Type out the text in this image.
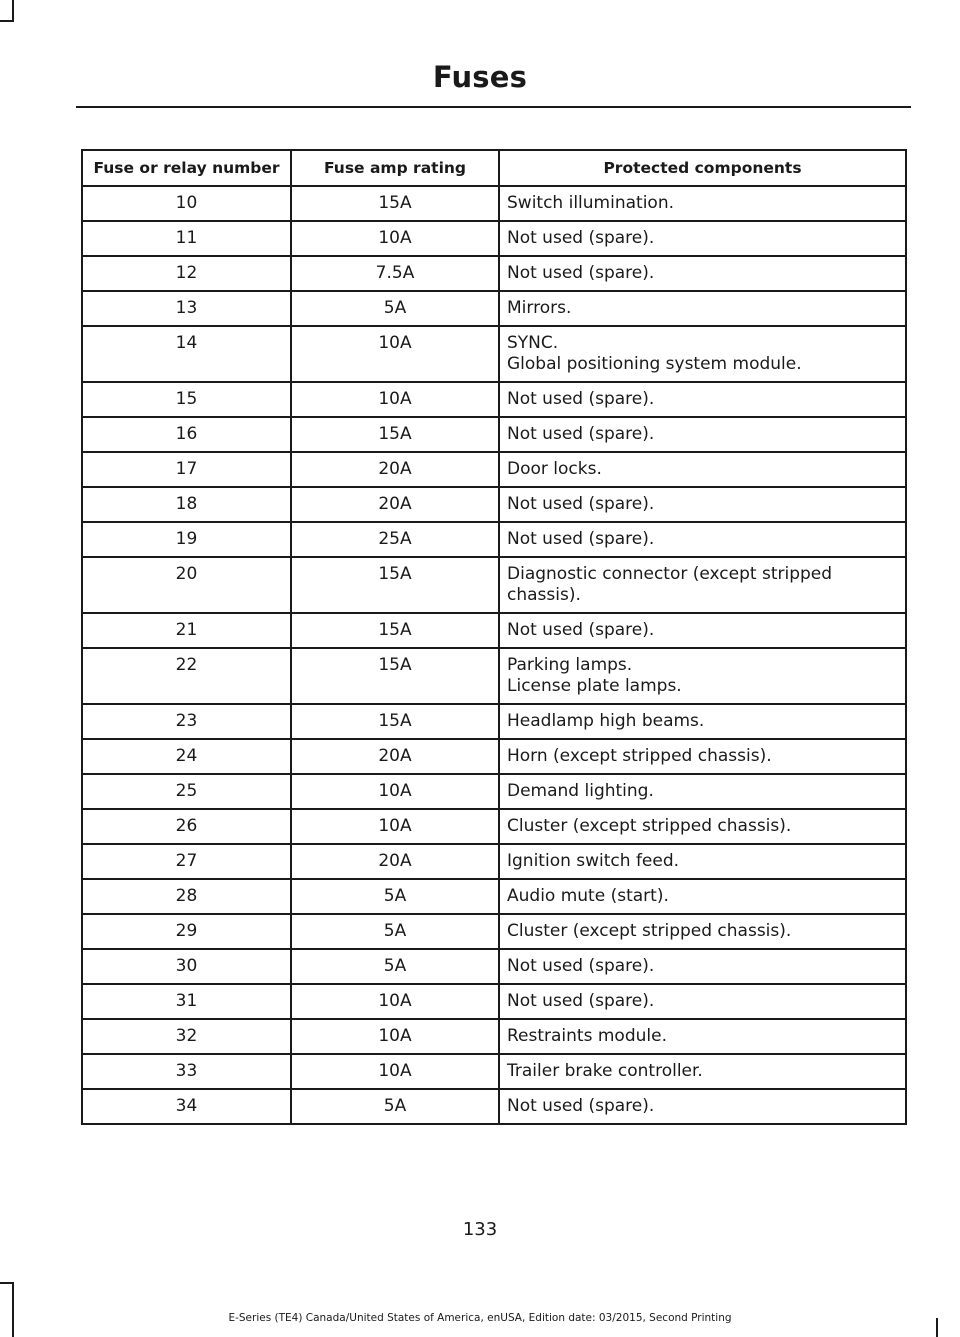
Fuses
Fuse or relay number	Fuse amp rating	Protected components
10	15A	Switch illumination.

11	10A	Not used (spare).

12	7.5A	Not used (spare).

13	5A	Mirrors.

14	10A	SYNC.
Global positioning system module.

15	10A	Not used (spare).

16	15A	Not used (spare).

17	20A	Door locks.

18	20A	Not used (spare).

19	25A	Not used (spare).

20	15A	Diagnostic connector (except stripped chassis).

21	15A	Not used (spare).

22	15A	Parking lamps.
License plate lamps.

23	15A	Headlamp high beams.

24	20A	Horn (except stripped chassis).

25	10A	Demand lighting.

26	10A	Cluster (except stripped chassis).

27	20A	Ignition switch feed.

28	5A	Audio mute (start).

29	5A	Cluster (except stripped chassis).

30	5A	Not used (spare).

31	10A	Not used (spare).

32	10A	Restraints module.

33	10A	Trailer brake controller.

34	5A	Not used (spare).
133
E-Series (TE4) Canada/United States of America, enUSA, Edition date: 03/2015, Second Printing
